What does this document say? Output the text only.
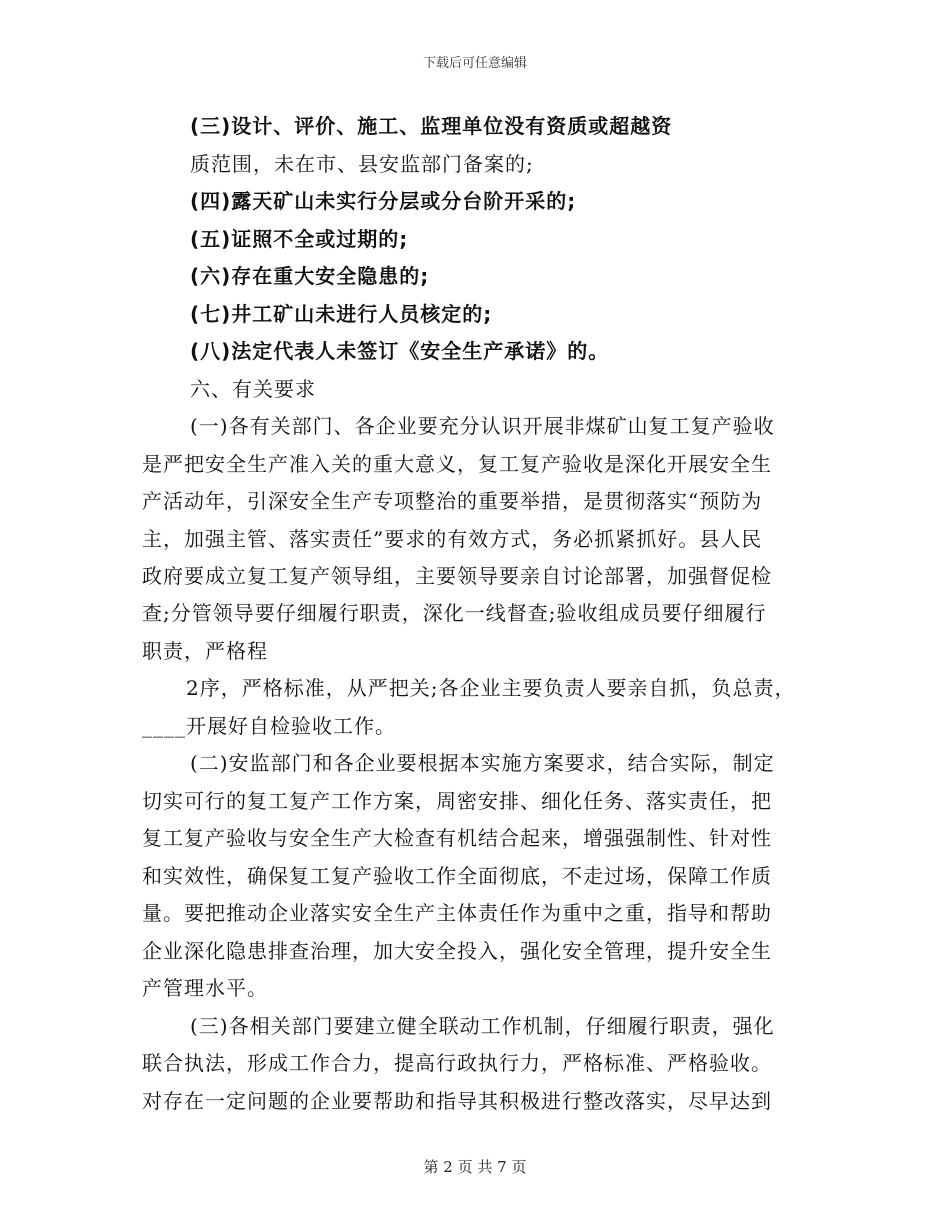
下载后可任意编辑
(三)设计、评价、施工、监理单位没有资质或超越资
质范围，未在市、县安监部门备案的;
(四)露天矿山未实行分层或分台阶开采的;
(五)证照不全或过期的;
(六)存在重大安全隐患的;
(七)井工矿山未进行人员核定的;
(八)法定代表人未签订《安全生产承诺》的。
六、有关要求
(一)各有关部门、各企业要充分认识开展非煤矿山复工复产验收
是严把安全生产准入关的重大意义，复工复产验收是深化开展安全生
产活动年，引深安全生产专项整治的重要举措，是贯彻落实“预防为
主，加强主管、落实责任”要求的有效方式，务必抓紧抓好。县人民
政府要成立复工复产领导组，主要领导要亲自讨论部署，加强督促检
查;分管领导要仔细履行职责，深化一线督查;验收组成员要仔细履行
职责，严格程
2序，严格标准，从严把关;各企业主要负责人要亲自抓，负总责，
____开展好自检验收工作。
(二)安监部门和各企业要根据本实施方案要求，结合实际，制定
切实可行的复工复产工作方案，周密安排、细化任务、落实责任，把
复工复产验收与安全生产大检查有机结合起来，增强强制性、针对性
和实效性，确保复工复产验收工作全面彻底，不走过场，保障工作质
量。要把推动企业落实安全生产主体责任作为重中之重，指导和帮助
企业深化隐患排查治理，加大安全投入，强化安全管理，提升安全生
产管理水平。
(三)各相关部门要建立健全联动工作机制，仔细履行职责，强化
联合执法，形成工作合力，提高行政执行力，严格标准、严格验收。
对存在一定问题的企业要帮助和指导其积极进行整改落实，尽早达到
第 2 页 共 7 页
